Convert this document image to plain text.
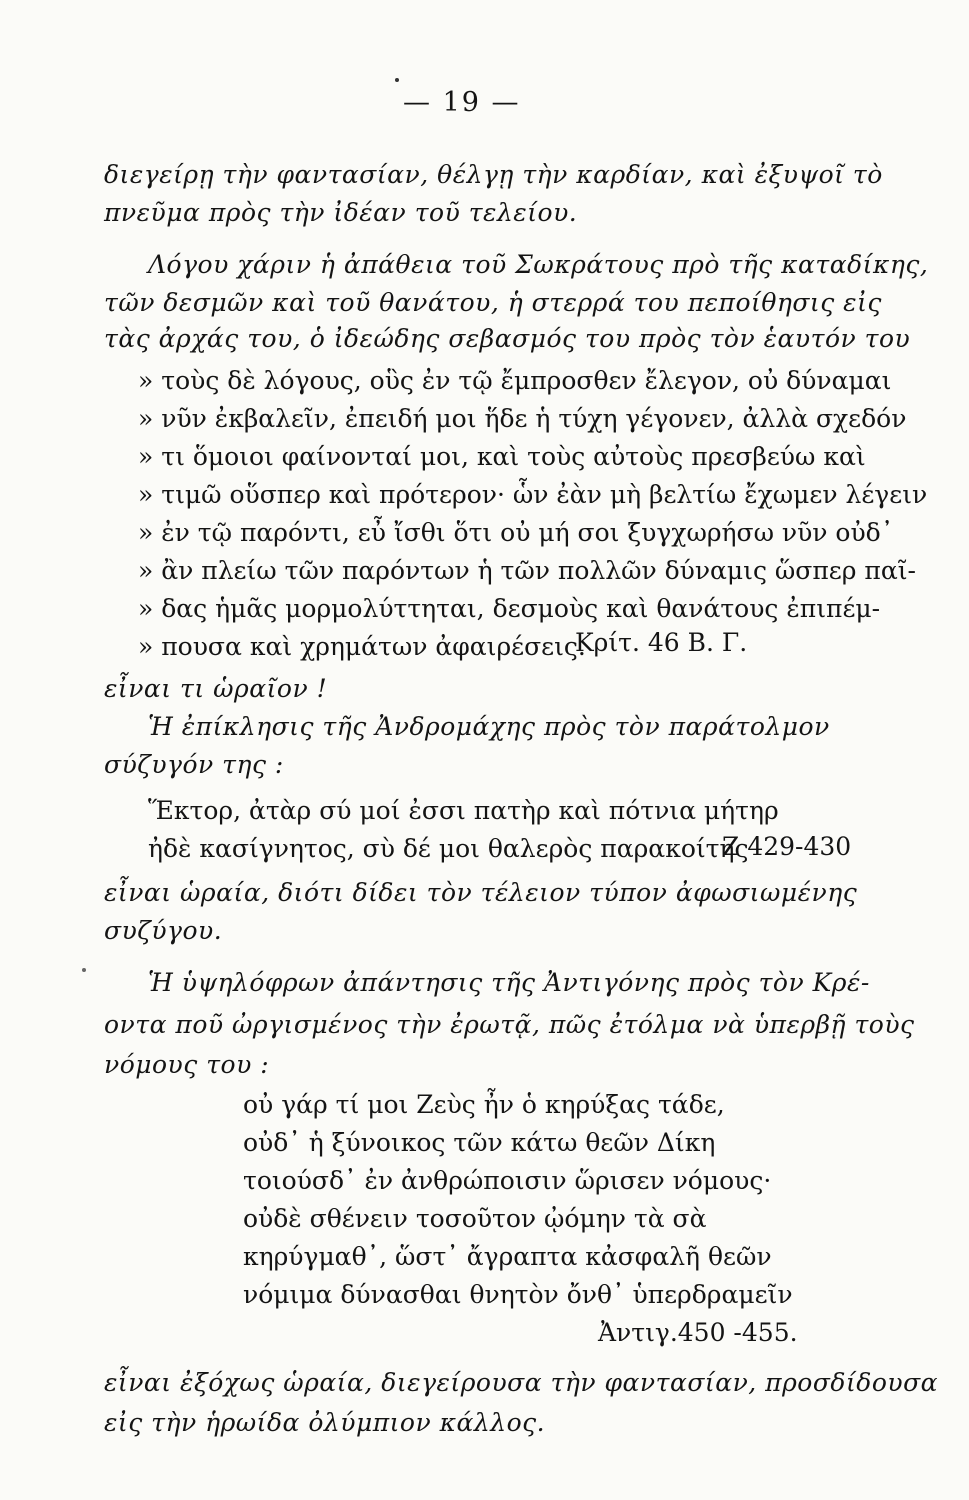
— 19 —
διεγείρῃ τὴν φαντασίαν, θέλγῃ τὴν καρδίαν, καὶ ἐξυψοῖ τὸ
πνεῦμα πρὸς τὴν ἰδέαν τοῦ τελείου.
Λόγου χάριν ἡ ἀπάθεια τοῦ Σωκράτους πρὸ τῆς καταδίκης,
τῶν δεσμῶν καὶ τοῦ θανάτου, ἡ στερρά του πεποίθησις εἰς
τὰς ἀρχάς του, ὁ ἰδεώδης σεβασμός του πρὸς τὸν ἑαυτόν του
» τοὺς δὲ λόγους, οὓς ἐν τῷ ἔμπροσθεν ἔλεγον, οὐ δύναμαι
» νῦν ἐκβαλεῖν, ἐπειδή μοι ἥδε ἡ τύχη γέγονεν, ἀλλὰ σχεδόν
» τι ὅμοιοι φαίνονταί μοι, καὶ τοὺς αὐτοὺς πρεσβεύω καὶ
» τιμῶ οὕσπερ καὶ πρότερον· ὧν ἐὰν μὴ βελτίω ἔχωμεν λέγειν
» ἐν τῷ παρόντι, εὖ ἴσθι ὅτι οὐ μή σοι ξυγχωρήσω νῦν οὐδ᾽
» ἂν πλείω τῶν παρόντων ἡ τῶν πολλῶν δύναμις ὥσπερ παῖ-
» δας ἡμᾶς μορμολύττηται, δεσμοὺς καὶ θανάτους ἐπιπέμ-
» πουσα καὶ χρημάτων ἀφαιρέσεις.
Κρίτ. 46 Β. Γ.
εἶναι τι ὡραῖον !
Ἡ ἐπίκλησις τῆς Ἀνδρομάχης πρὸς τὸν παράτολμον
σύζυγόν της :
Ἕκτορ, ἀτὰρ σύ μοί ἐσσι πατὴρ καὶ πότνια μήτηρ
ἠδὲ κασίγνητος, σὺ δέ μοι θαλερὸς παρακοίτης
Ζ 429-430
εἶναι ὡραία, διότι δίδει τὸν τέλειον τύπον ἀφωσιωμένης
συζύγου.
Ἡ ὑψηλόφρων ἀπάντησις τῆς Ἀντιγόνης πρὸς τὸν Κρέ-
οντα ποῦ ὠργισμένος τὴν ἐρωτᾷ, πῶς ἐτόλμα νὰ ὑπερβῇ τοὺς
νόμους του :
οὐ γάρ τί μοι Ζεὺς ἦν ὁ κηρύξας τάδε,
οὐδ᾽ ἡ ξύνοικος τῶν κάτω θεῶν Δίκη
τοιούσδ᾽ ἐν ἀνθρώποισιν ὥρισεν νόμους·
οὐδὲ σθένειν τοσοῦτον ᾠόμην τὰ σὰ
κηρύγμαθ᾽, ὥστ᾽ ἄγραπτα κἀσφαλῆ θεῶν
νόμιμα δύνασθαι θνητὸν ὄνθ᾽ ὑπερδραμεῖν
Ἀντιγ.450 -455.
εἶναι ἐξόχως ὡραία, διεγείρουσα τὴν φαντασίαν, προσδίδουσα
εἰς τὴν ἡρωίδα ὀλύμπιον κάλλος.
